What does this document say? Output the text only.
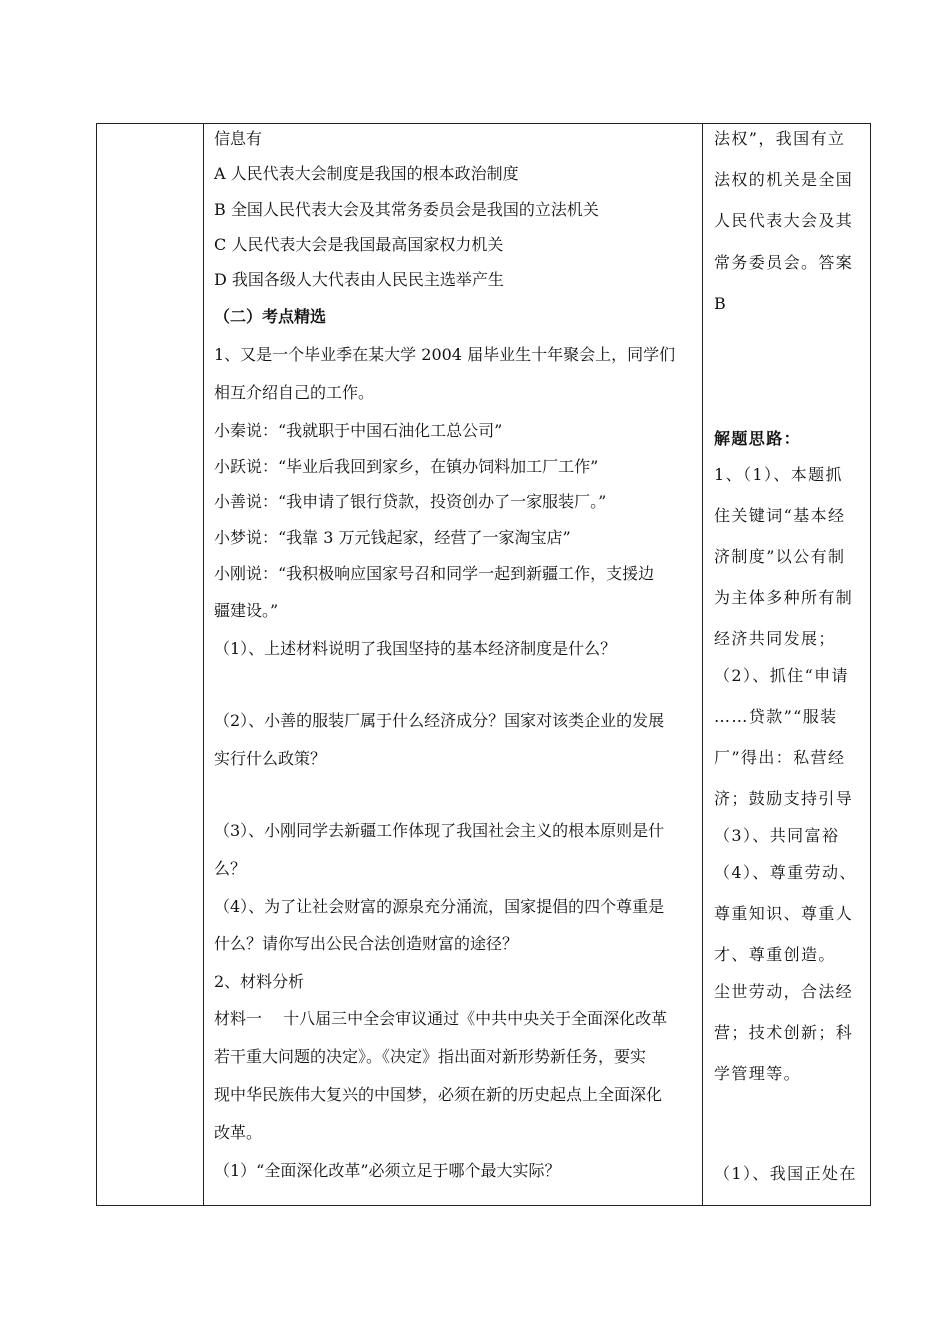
信息有
A 人民代表大会制度是我国的根本政治制度
B 全国人民代表大会及其常务委员会是我国的立法机关
C 人民代表大会是我国最高国家权力机关
D 我国各级人大代表由人民民主选举产生
（二）考点精选
1、又是一个毕业季在某大学 2004 届毕业生十年聚会上，同学们
相互介绍自己的工作。
小秦说：“我就职于中国石油化工总公司”
小跃说：“毕业后我回到家乡，在镇办饲料加工厂工作”
小善说：“我申请了银行贷款，投资创办了一家服装厂。”
小梦说：“我靠 3 万元钱起家，经营了一家淘宝店”
小刚说：“我积极响应国家号召和同学一起到新疆工作，支援边
疆建设。”
（1）、上述材料说明了我国坚持的基本经济制度是什么？
（2）、小善的服装厂属于什么经济成分？国家对该类企业的发展
实行什么政策？
（3）、小刚同学去新疆工作体现了我国社会主义的根本原则是什
么？
（4）、为了让社会财富的源泉充分涌流，国家提倡的四个尊重是
什么？请你写出公民合法创造财富的途径？
2、材料分析
材料一　 十八届三中全会审议通过《中共中央关于全面深化改革
若干重大问题的决定》。《决定》指出面对新形势新任务，要实
现中华民族伟大复兴的中国梦，必须在新的历史起点上全面深化
改革。
（1）“全面深化改革”必须立足于哪个最大实际？
法权”，我国有立
法权的机关是全国
人民代表大会及其
常务委员会。答案
B
解题思路：
1、（1）、本题抓
住关键词“基本经
济制度”以公有制
为主体多种所有制
经济共同发展；
（2）、抓住“申请
……贷款”“服装
厂”得出：私营经
济；鼓励支持引导
（3）、共同富裕
（4）、尊重劳动、
尊重知识、尊重人
才、尊重创造。
尘世劳动，合法经
营；技术创新；科
学管理等。
（1）、我国正处在
